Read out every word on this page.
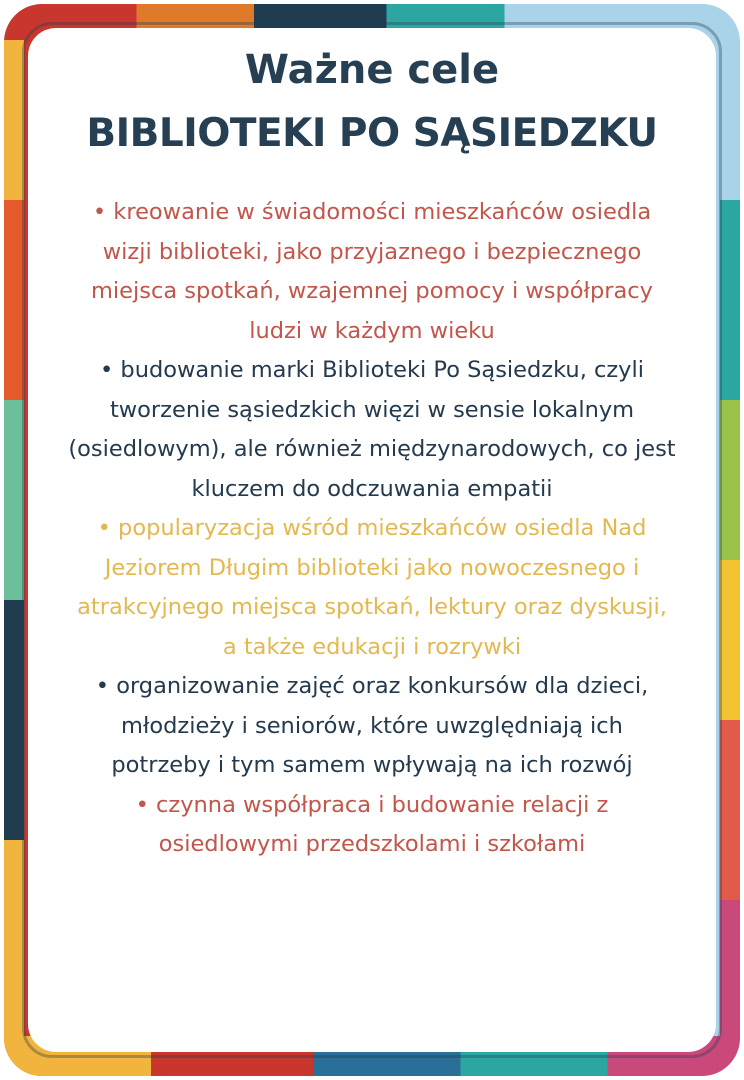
Ważne cele
BIBLIOTEKI PO SĄSIEDZKU
• kreowanie w świadomości mieszkańców osiedla wizji biblioteki, jako przyjaznego i bezpiecznego miejsca spotkań, wzajemnej pomocy i współpracy ludzi w każdym wieku
• budowanie marki Biblioteki Po Sąsiedzku, czyli tworzenie sąsiedzkich więzi w sensie lokalnym (osiedlowym), ale również międzynarodowych, co jest kluczem do odczuwania empatii
• popularyzacja wśród mieszkańców osiedla Nad Jeziorem Długim biblioteki jako nowoczesnego i atrakcyjnego miejsca spotkań, lektury oraz dyskusji, a także edukacji i rozrywki
• organizowanie zajęć oraz konkursów dla dzieci, młodzieży i seniorów, które uwzględniają ich potrzeby i tym samem wpływają na ich rozwój
• czynna współpraca i budowanie relacji z osiedlowymi przedszkolami i szkołami
